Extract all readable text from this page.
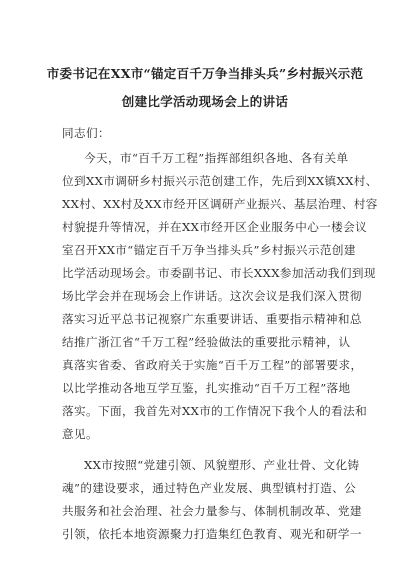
市委书记在XX市“锚定百千万争当排头兵”乡村振兴示范
创建比学活动现场会上的讲话
同志们：
今天，市“百千万工程”指挥部组织各地、各有关单
位到XX市调研乡村振兴示范创建工作，先后到XX镇XX村、
XX村、XX村及XX市经开区调研产业振兴、基层治理、村容
村貌提升等情况，并在XX市经开区企业服务中心一楼会议
室召开XX市“锚定百千万争当排头兵”乡村振兴示范创建
比学活动现场会。市委副书记、市长XXX参加活动我们到现
场比学会并在现场会上作讲话。这次会议是我们深入贯彻
落实习近平总书记视察广东重要讲话、重要指示精神和总
结推广浙江省“千万工程”经验做法的重要批示精神，认
真落实省委、省政府关于实施“百千万工程”的部署要求，
以比学推动各地互学互鉴，扎实推动“百千万工程”落地
落实。下面，我首先对XX市的工作情况下我个人的看法和
意见。
XX市按照“党建引领、风貌塑形、产业壮骨、文化铸
魂”的建设要求，通过特色产业发展、典型镇村打造、公
共服务和社会治理、社会力量参与、体制机制改革、党建
引领，依托本地资源聚力打造集红色教育、观光和研学一
